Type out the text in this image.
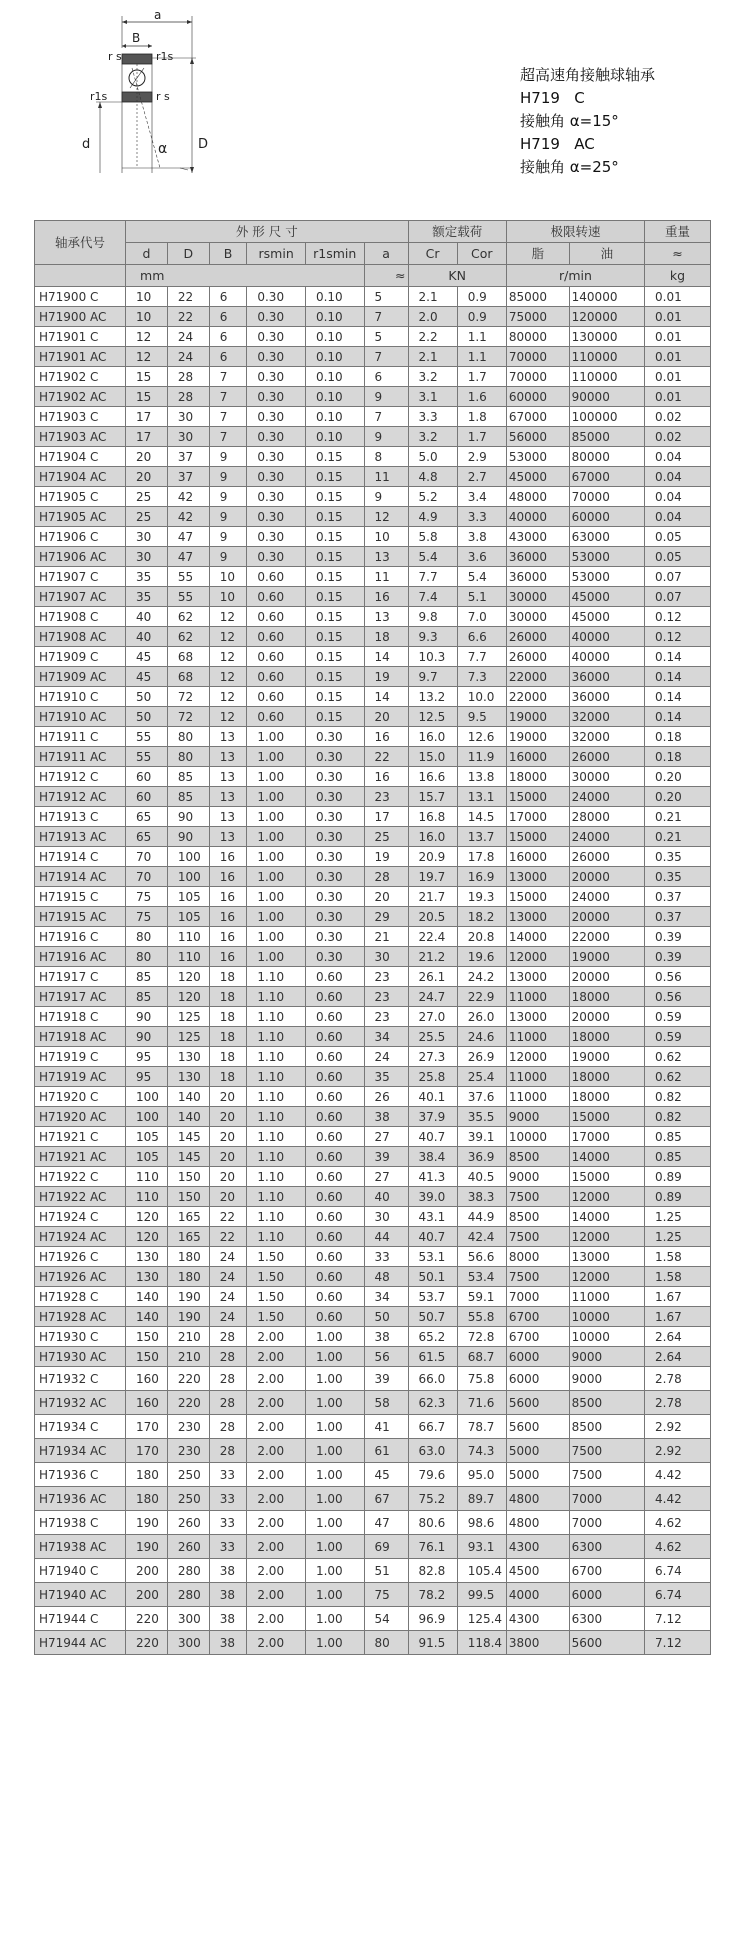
a
B
D
d
r s	r1s
r1s	r s
α
超高速角接触球轴承
H719   C
接触角 α=15°
H719   AC
接触角 α=25°
轴承代号	外 形 尺 寸						额定载荷		极限转速		重量
	d	D	B	rsmin	r1smin	a	Cr	Cor	脂	油	≈
	mm					≈	KN		r/min		kg
H71900 C	10	22	6	0.30	0.10	5	2.1	0.9	85000	140000	0.01
H71900 AC	10	22	6	0.30	0.10	7	2.0	0.9	75000	120000	0.01
H71901 C	12	24	6	0.30	0.10	5	2.2	1.1	80000	130000	0.01
H71901 AC	12	24	6	0.30	0.10	7	2.1	1.1	70000	110000	0.01
H71902 C	15	28	7	0.30	0.10	6	3.2	1.7	70000	110000	0.01
H71902 AC	15	28	7	0.30	0.10	9	3.1	1.6	60000	90000	0.01
H71903 C	17	30	7	0.30	0.10	7	3.3	1.8	67000	100000	0.02
H71903 AC	17	30	7	0.30	0.10	9	3.2	1.7	56000	85000	0.02
H71904 C	20	37	9	0.30	0.15	8	5.0	2.9	53000	80000	0.04
H71904 AC	20	37	9	0.30	0.15	11	4.8	2.7	45000	67000	0.04
H71905 C	25	42	9	0.30	0.15	9	5.2	3.4	48000	70000	0.04
H71905 AC	25	42	9	0.30	0.15	12	4.9	3.3	40000	60000	0.04
H71906 C	30	47	9	0.30	0.15	10	5.8	3.8	43000	63000	0.05
H71906 AC	30	47	9	0.30	0.15	13	5.4	3.6	36000	53000	0.05
H71907 C	35	55	10	0.60	0.15	11	7.7	5.4	36000	53000	0.07
H71907 AC	35	55	10	0.60	0.15	16	7.4	5.1	30000	45000	0.07
H71908 C	40	62	12	0.60	0.15	13	9.8	7.0	30000	45000	0.12
H71908 AC	40	62	12	0.60	0.15	18	9.3	6.6	26000	40000	0.12
H71909 C	45	68	12	0.60	0.15	14	10.3	7.7	26000	40000	0.14
H71909 AC	45	68	12	0.60	0.15	19	9.7	7.3	22000	36000	0.14
H71910 C	50	72	12	0.60	0.15	14	13.2	10.0	22000	36000	0.14
H71910 AC	50	72	12	0.60	0.15	20	12.5	9.5	19000	32000	0.14
H71911 C	55	80	13	1.00	0.30	16	16.0	12.6	19000	32000	0.18
H71911 AC	55	80	13	1.00	0.30	22	15.0	11.9	16000	26000	0.18
H71912 C	60	85	13	1.00	0.30	16	16.6	13.8	18000	30000	0.20
H71912 AC	60	85	13	1.00	0.30	23	15.7	13.1	15000	24000	0.20
H71913 C	65	90	13	1.00	0.30	17	16.8	14.5	17000	28000	0.21
H71913 AC	65	90	13	1.00	0.30	25	16.0	13.7	15000	24000	0.21
H71914 C	70	100	16	1.00	0.30	19	20.9	17.8	16000	26000	0.35
H71914 AC	70	100	16	1.00	0.30	28	19.7	16.9	13000	20000	0.35
H71915 C	75	105	16	1.00	0.30	20	21.7	19.3	15000	24000	0.37
H71915 AC	75	105	16	1.00	0.30	29	20.5	18.2	13000	20000	0.37
H71916 C	80	110	16	1.00	0.30	21	22.4	20.8	14000	22000	0.39
H71916 AC	80	110	16	1.00	0.30	30	21.2	19.6	12000	19000	0.39
H71917 C	85	120	18	1.10	0.60	23	26.1	24.2	13000	20000	0.56
H71917 AC	85	120	18	1.10	0.60	23	24.7	22.9	11000	18000	0.56
H71918 C	90	125	18	1.10	0.60	23	27.0	26.0	13000	20000	0.59
H71918 AC	90	125	18	1.10	0.60	34	25.5	24.6	11000	18000	0.59
H71919 C	95	130	18	1.10	0.60	24	27.3	26.9	12000	19000	0.62
H71919 AC	95	130	18	1.10	0.60	35	25.8	25.4	11000	18000	0.62
H71920 C	100	140	20	1.10	0.60	26	40.1	37.6	11000	18000	0.82
H71920 AC	100	140	20	1.10	0.60	38	37.9	35.5	9000	15000	0.82
H71921 C	105	145	20	1.10	0.60	27	40.7	39.1	10000	17000	0.85
H71921 AC	105	145	20	1.10	0.60	39	38.4	36.9	8500	14000	0.85
H71922 C	110	150	20	1.10	0.60	27	41.3	40.5	9000	15000	0.89
H71922 AC	110	150	20	1.10	0.60	40	39.0	38.3	7500	12000	0.89
H71924 C	120	165	22	1.10	0.60	30	43.1	44.9	8500	14000	1.25
H71924 AC	120	165	22	1.10	0.60	44	40.7	42.4	7500	12000	1.25
H71926 C	130	180	24	1.50	0.60	33	53.1	56.6	8000	13000	1.58
H71926 AC	130	180	24	1.50	0.60	48	50.1	53.4	7500	12000	1.58
H71928 C	140	190	24	1.50	0.60	34	53.7	59.1	7000	11000	1.67
H71928 AC	140	190	24	1.50	0.60	50	50.7	55.8	6700	10000	1.67
H71930 C	150	210	28	2.00	1.00	38	65.2	72.8	6700	10000	2.64
H71930 AC	150	210	28	2.00	1.00	56	61.5	68.7	6000	9000	2.64
H71932 C	160	220	28	2.00	1.00	39	66.0	75.8	6000	9000	2.78
H71932 AC	160	220	28	2.00	1.00	58	62.3	71.6	5600	8500	2.78
H71934 C	170	230	28	2.00	1.00	41	66.7	78.7	5600	8500	2.92
H71934 AC	170	230	28	2.00	1.00	61	63.0	74.3	5000	7500	2.92
H71936 C	180	250	33	2.00	1.00	45	79.6	95.0	5000	7500	4.42
H71936 AC	180	250	33	2.00	1.00	67	75.2	89.7	4800	7000	4.42
H71938 C	190	260	33	2.00	1.00	47	80.6	98.6	4800	7000	4.62
H71938 AC	190	260	33	2.00	1.00	69	76.1	93.1	4300	6300	4.62
H71940 C	200	280	38	2.00	1.00	51	82.8	105.4	4500	6700	6.74
H71940 AC	200	280	38	2.00	1.00	75	78.2	99.5	4000	6000	6.74
H71944 C	220	300	38	2.00	1.00	54	96.9	125.4	4300	6300	7.12
H71944 AC	220	300	38	2.00	1.00	80	91.5	118.4	3800	5600	7.12
